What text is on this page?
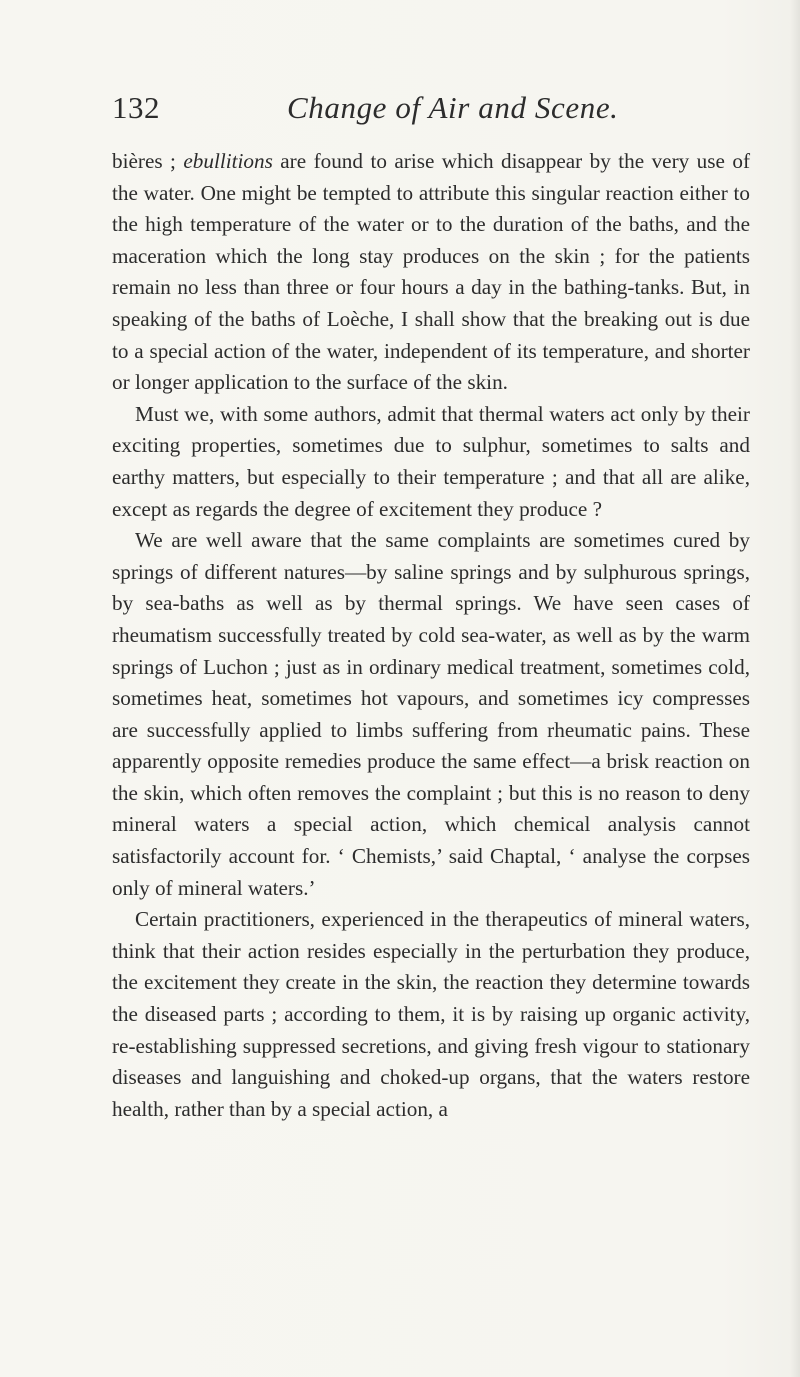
132	Change of Air and Scene.

bières ; ebullitions are found to arise which disappear by the very use of the water. One might be tempted to attribute this singular reaction either to the high temperature of the water or to the duration of the baths, and the maceration which the long stay produces on the skin ; for the patients remain no less than three or four hours a day in the bathing-tanks. But, in speaking of the baths of Loèche, I shall show that the breaking out is due to a special action of the water, independent of its temperature, and shorter or longer application to the surface of the skin.

Must we, with some authors, admit that thermal waters act only by their exciting properties, sometimes due to sulphur, sometimes to salts and earthy matters, but especially to their temperature ; and that all are alike, except as regards the degree of excitement they produce ?

We are well aware that the same complaints are sometimes cured by springs of different natures—by saline springs and by sulphurous springs, by sea-baths as well as by thermal springs. We have seen cases of rheumatism successfully treated by cold sea-water, as well as by the warm springs of Luchon ; just as in ordinary medical treatment, sometimes cold, sometimes heat, sometimes hot vapours, and sometimes icy compresses are successfully applied to limbs suffering from rheumatic pains. These apparently opposite remedies produce the same effect—a brisk reaction on the skin, which often removes the complaint ; but this is no reason to deny mineral waters a special action, which chemical analysis cannot satisfactorily account for. ‘ Chemists,’ said Chaptal, ‘ analyse the corpses only of mineral waters.’

Certain practitioners, experienced in the therapeutics of mineral waters, think that their action resides especially in the perturbation they produce, the excitement they create in the skin, the reaction they determine towards the diseased parts ; according to them, it is by raising up organic activity, re-establishing suppressed secretions, and giving fresh vigour to stationary diseases and languishing and choked-up organs, that the waters restore health, rather than by a special action, a
